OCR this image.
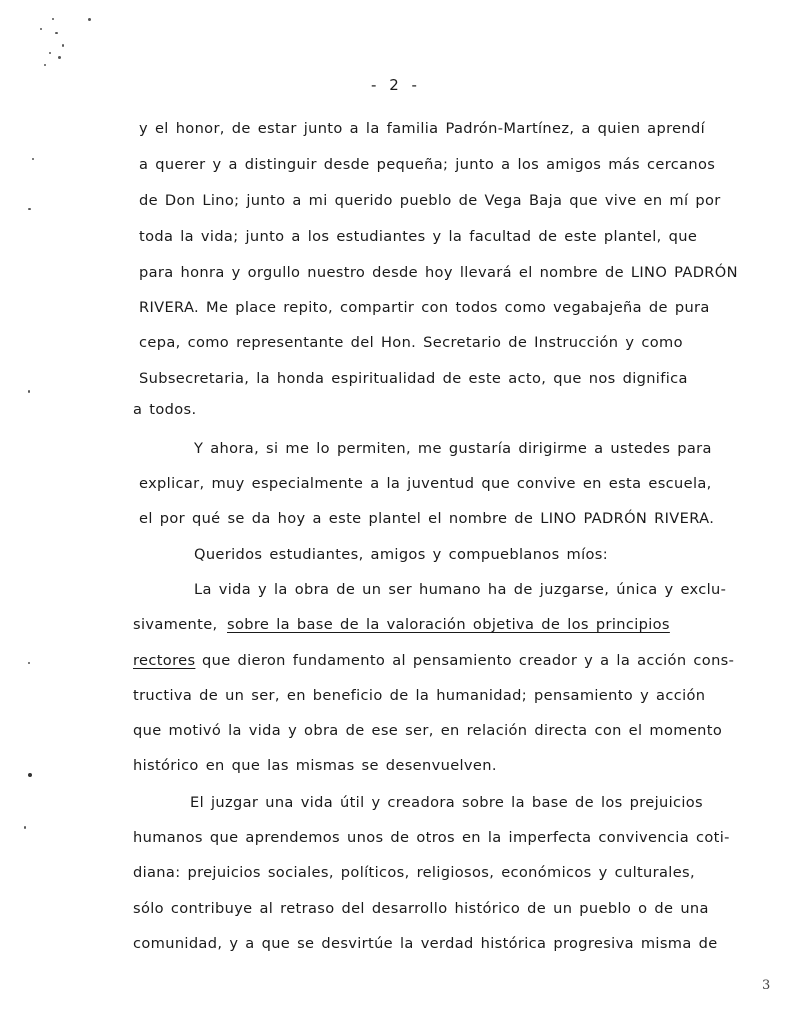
- 2 -
y el honor, de estar junto a la familia Padrón-Martínez, a quien aprendí
a querer y a distinguir desde pequeña; junto a los amigos más cercanos
de Don Lino; junto a mi querido pueblo de Vega Baja que vive en mí por
toda la vida; junto a los estudiantes y la facultad de este plantel, que
para honra y orgullo nuestro desde hoy llevará el nombre de LINO PADRÓN
RIVERA. Me place repito, compartir con todos como vegabajeña de pura
cepa, como representante del Hon. Secretario de Instrucción y como
Subsecretaria, la honda espiritualidad de este acto, que nos dignifica
a todos.
Y ahora, si me lo permiten, me gustaría dirigirme a ustedes para
explicar, muy especialmente a la juventud que convive en esta escuela,
el por qué se da hoy a este plantel el nombre de LINO PADRÓN RIVERA.
Queridos estudiantes, amigos y compueblanos míos:
La vida y la obra de un ser humano ha de juzgarse, única y exclu-
sivamente, sobre la base de la valoración objetiva de los principios
rectores que dieron fundamento al pensamiento creador y a la acción cons-
tructiva de un ser, en beneficio de la humanidad; pensamiento y acción
que motivó la vida y obra de ese ser, en relación directa con el momento
histórico en que las mismas se desenvuelven.
El juzgar una vida útil y creadora sobre la base de los prejuicios
humanos que aprendemos unos de otros en la imperfecta convivencia coti-
diana: prejuicios sociales, políticos, religiosos, económicos y culturales,
sólo contribuye al retraso del desarrollo histórico de un pueblo o de una
comunidad, y a que se desvirtúe la verdad histórica progresiva misma de
3
